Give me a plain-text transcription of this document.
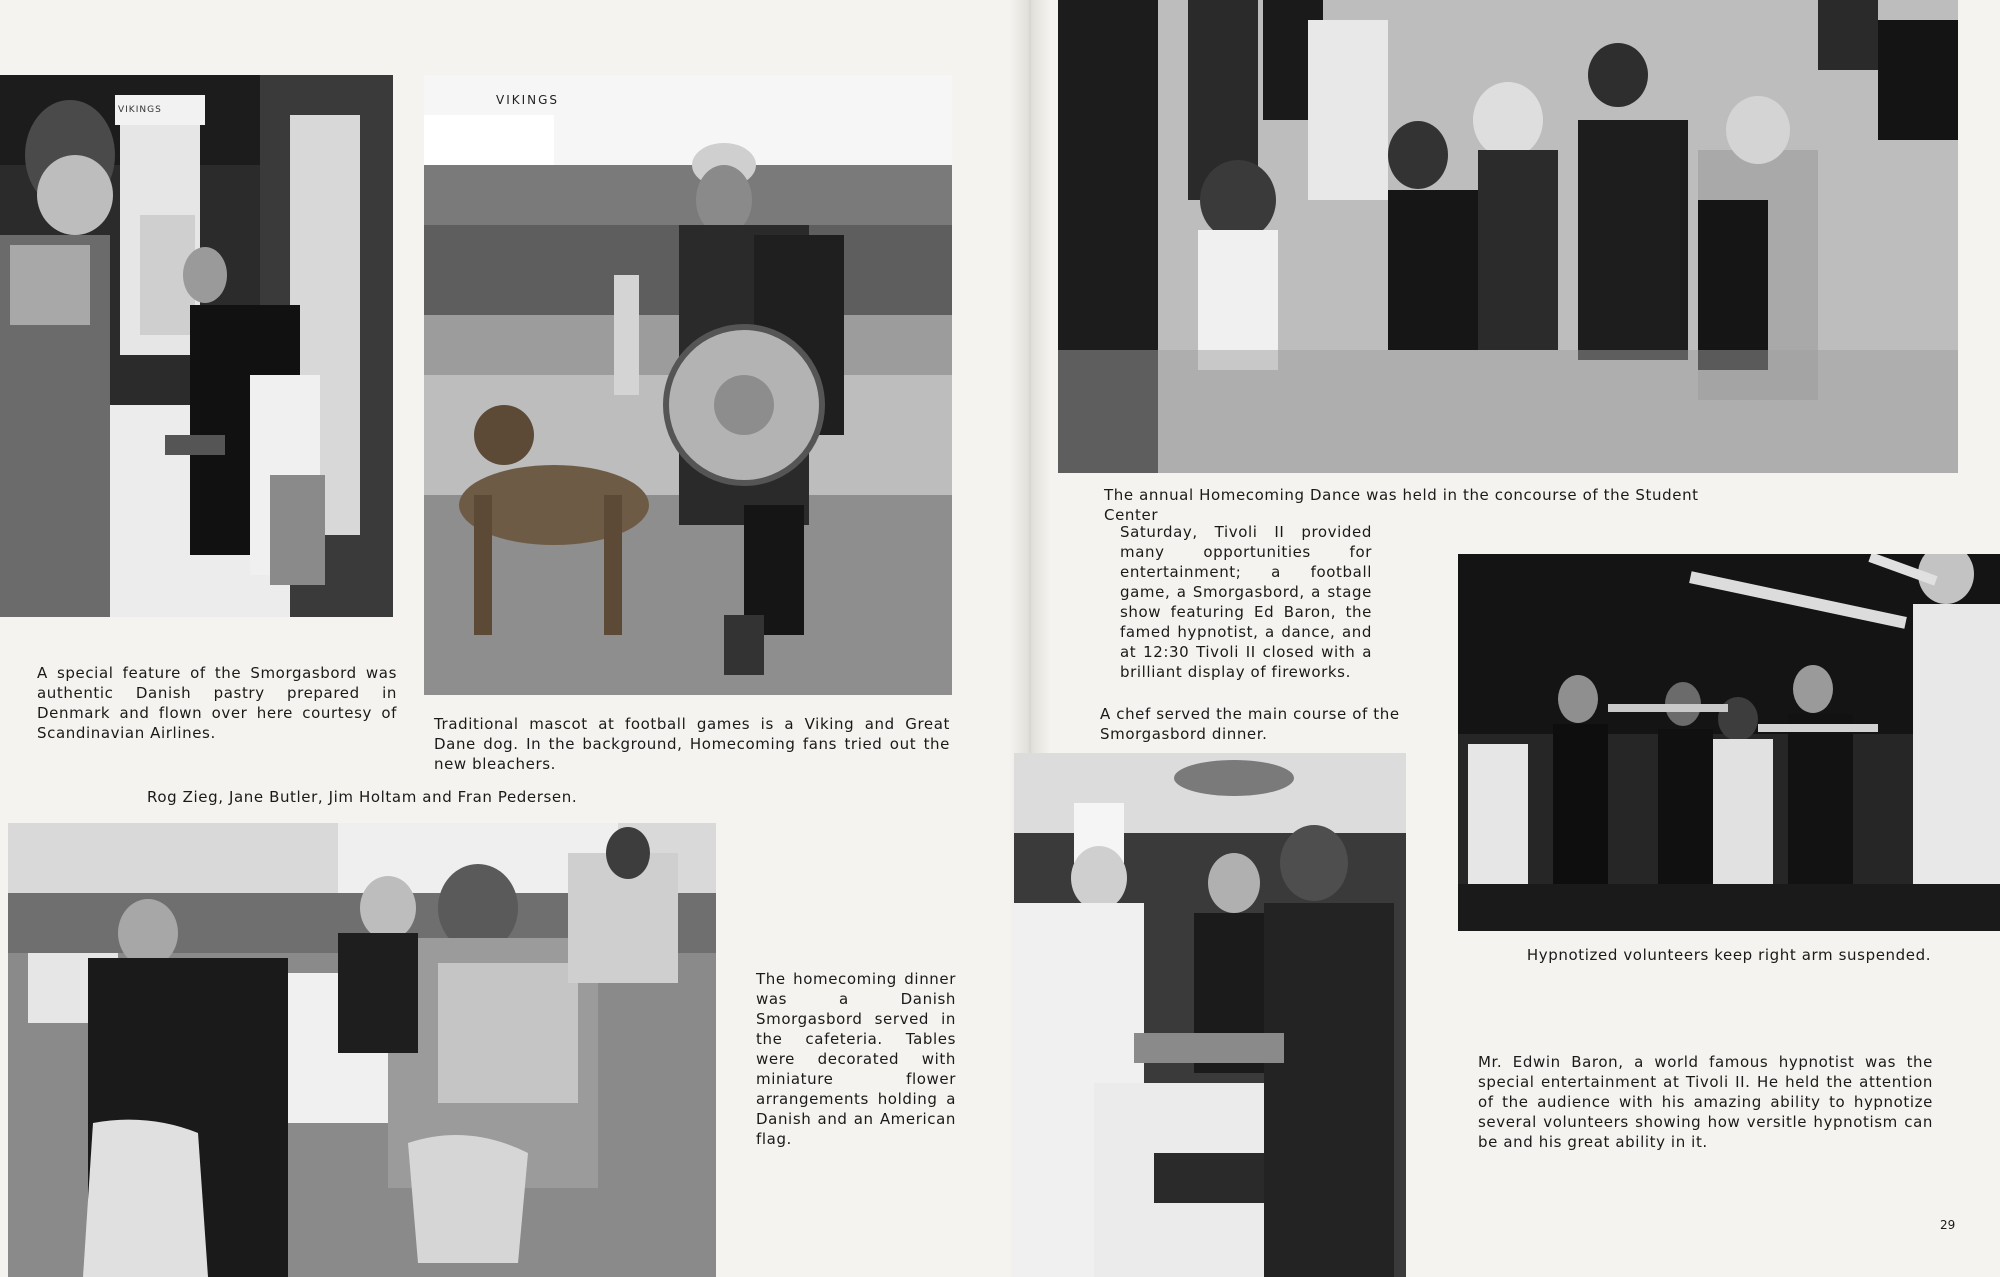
VIKINGS
VIKINGS

A special feature of the Smorgasbord was authentic Danish pastry prepared in Denmark and flown over here courtesy of Scandinavian Airlines.	Traditional mascot at football games is a Viking and Great Dane dog. In the background, Homecoming fans tried out the new bleachers.

Rog Zieg, Jane Butler, Jim Holtam and Fran Pedersen.

The homecoming dinner was a Danish Smorgasbord served in the cafeteria. Tables were decorated with miniature flower arrangements holding a Danish and an American flag.

The annual Homecoming Dance was held in the concourse of the Student Center

Saturday, Tivoli II provided many opportunities for entertainment; a football game, a Smorgasbord, a stage show featuring Ed Baron, the famed hypnotist, a dance, and at 12:30 Tivoli II closed with a brilliant display of fireworks.

A chef served the main course of the Smorgasbord dinner.

Hypnotized volunteers keep right arm suspended.

Mr. Edwin Baron, a world famous hypnotist was the special entertainment at Tivoli II. He held the attention of the audience with his amazing ability to hypnotize several volunteers showing how versitle hypnotism can be and his great ability in it.

29
